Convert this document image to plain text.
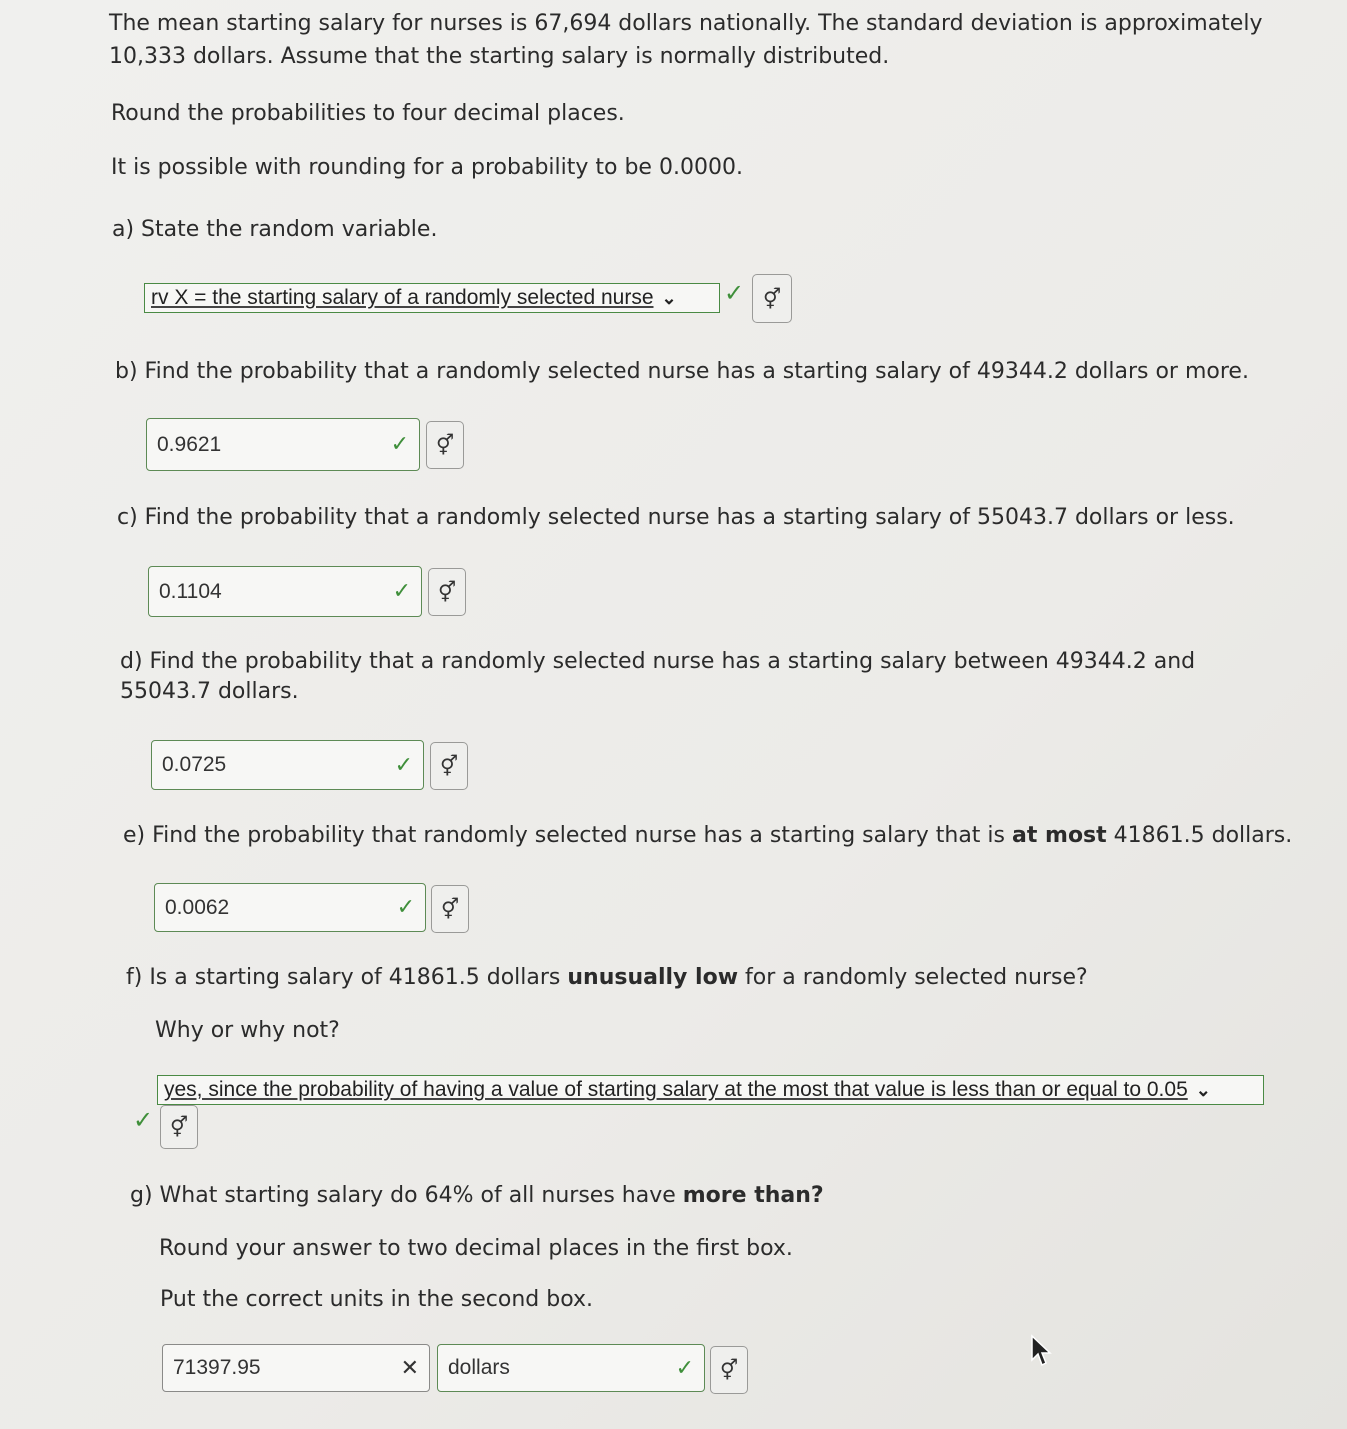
The mean starting salary for nurses is 67,694 dollars nationally. The standard deviation is approximately
10,333 dollars. Assume that the starting salary is normally distributed.
Round the probabilities to four decimal places.
It is possible with rounding for a probability to be 0.0000.
a) State the random variable.
rv X = the starting salary of a randomly selected nurse ⌄ ✓ ⚥
b) Find the probability that a randomly selected nurse has a starting salary of 49344.2 dollars or more.
0.9621	✓ ⚥
c) Find the probability that a randomly selected nurse has a starting salary of 55043.7 dollars or less.
0.1104	✓ ⚥
d) Find the probability that a randomly selected nurse has a starting salary between 49344.2 and 55043.7 dollars.
0.0725	✓ ⚥
e) Find the probability that randomly selected nurse has a starting salary that is at most 41861.5 dollars.
0.0062	✓ ⚥
f) Is a starting salary of 41861.5 dollars unusually low for a randomly selected nurse?
Why or why not?
yes, since the probability of having a value of starting salary at the most that value is less than or equal to 0.05 ⌄
✓ ⚥
g) What starting salary do 64% of all nurses have more than?
Round your answer to two decimal places in the first box.
Put the correct units in the second box.
71397.95	✕ dollars	✓ ⚥
